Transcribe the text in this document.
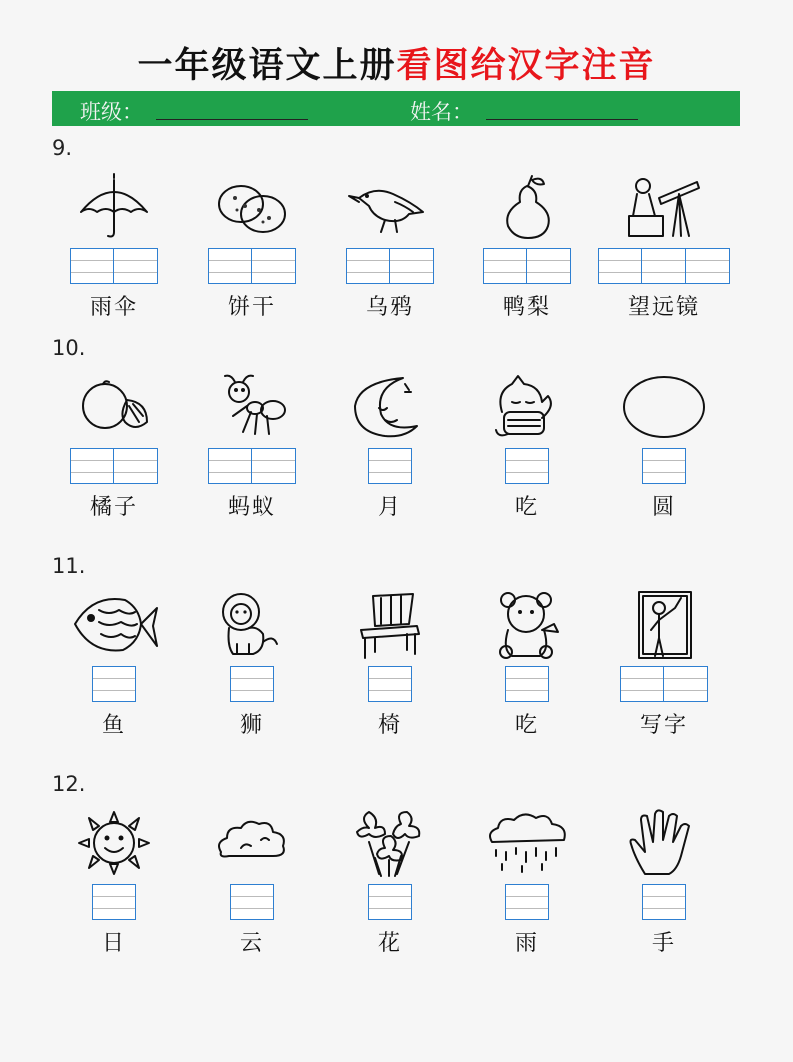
一年级语文上册看图给汉字注音
班级：	姓名：
9.
雨伞	饼干	乌鸦	鸭梨	望远镜
10.
橘子	蚂蚁	月	吃	圆
11.
鱼	狮	椅	吃	写字
12.
日	云	花	雨	手
